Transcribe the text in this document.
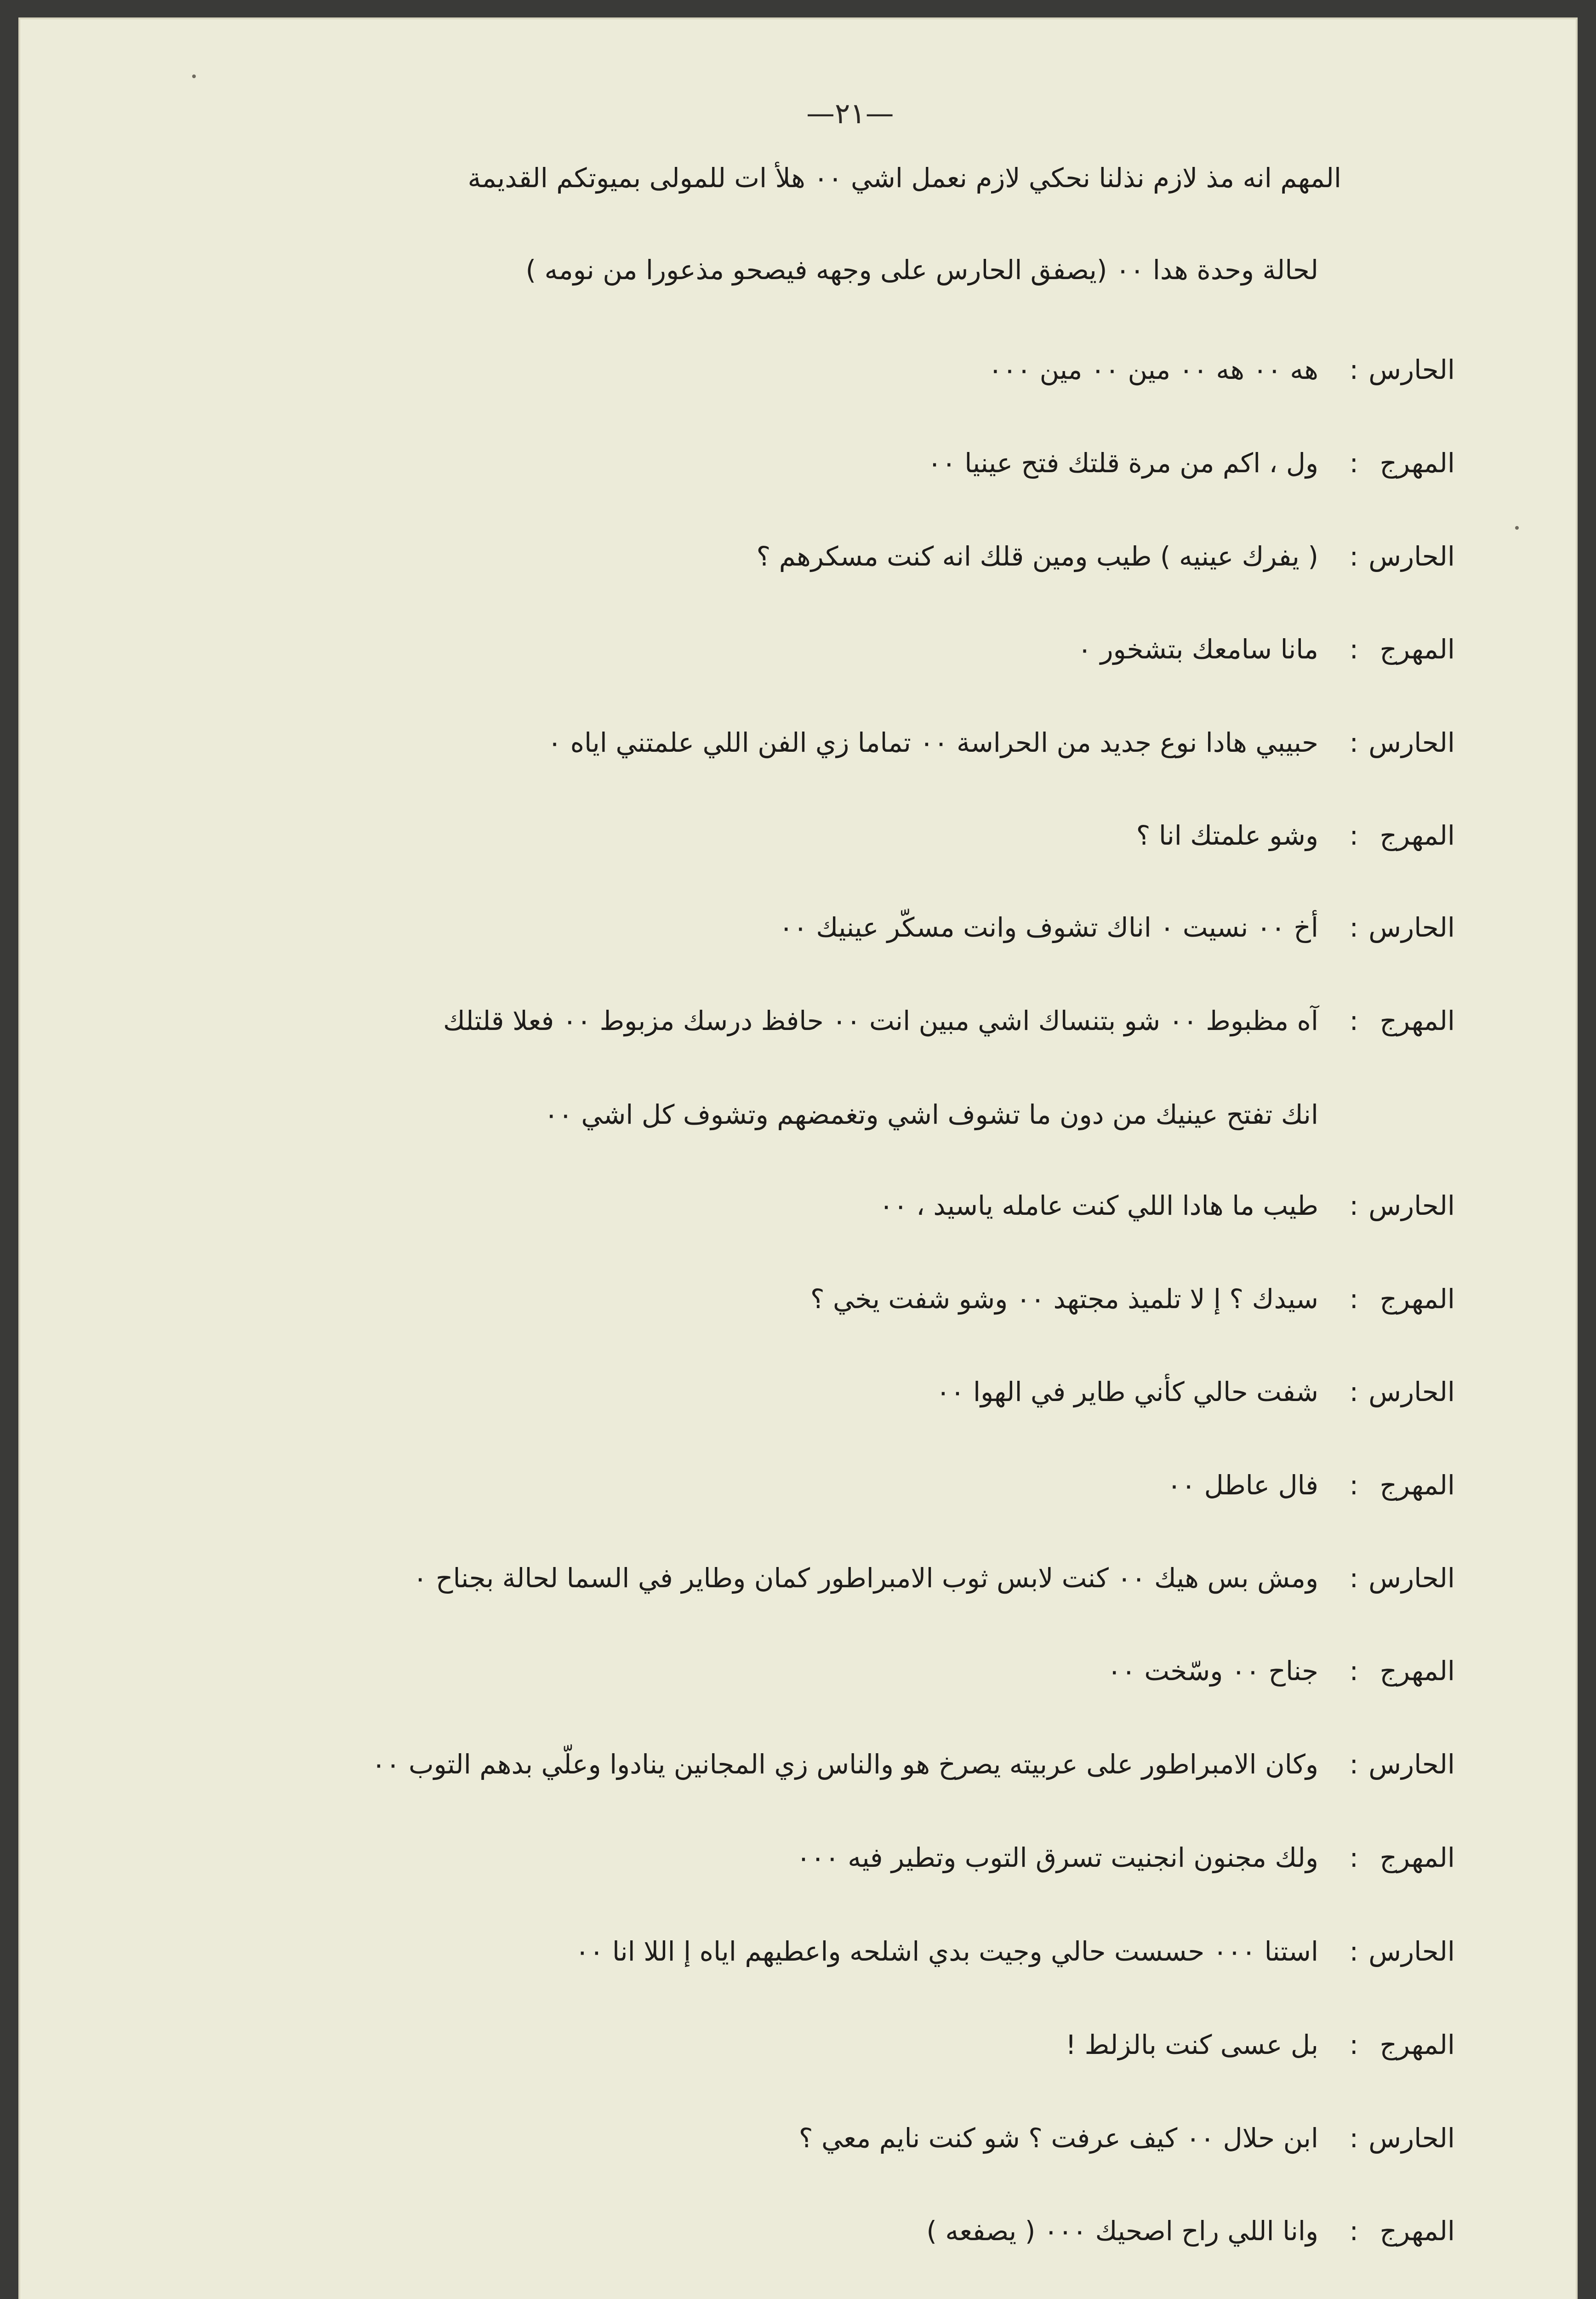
—٢١—
المهم انه مذ لازم نذلنا نحكي لازم نعمل اشي ٠٠ هلأ ات للمولى بميوتكم القديمة
لحالة وحدة هدا ٠٠ (يصفق الحارس على وجهه فيصحو مذعورا من نومه )
الحارس
:
هه ٠٠ هه ٠٠ مين ٠٠ مين ٠٠٠
المهرج
:
ول ، اكم من مرة قلتك فتح عينيا ٠٠
الحارس
:
( يفرك عينيه ) طيب ومين قلك انه كنت مسكرهم ؟
المهرج
:
مانا سامعك بتشخور ٠
الحارس
:
حبيبي هادا نوع جديد من الحراسة ٠٠ تماما زي الفن اللي علمتني اياه ٠
المهرج
:
وشو علمتك انا ؟
الحارس
:
أخ ٠٠ نسيت ٠ اناك تشوف وانت مسكّر عينيك ٠٠
المهرج
:
آه مظبوط ٠٠ شو بتنساك اشي مبين انت ٠٠ حافظ درسك مزبوط ٠٠ فعلا قلتلك
انك تفتح عينيك من دون ما تشوف اشي وتغمضهم وتشوف كل اشي ٠٠
الحارس
:
طيب ما هادا اللي كنت عامله ياسيد ، ٠٠
المهرج
:
سيدك ؟ إ لا تلميذ مجتهد ٠٠ وشو شفت يخي ؟
الحارس
:
شفت حالي كأني طاير في الهوا ٠٠
المهرج
:
فال عاطل ٠٠
الحارس
:
ومش بس هيك ٠٠ كنت لابس ثوب الامبراطور كمان وطاير في السما لحالة بجناح ٠
المهرج
:
جناح ٠٠ وسّخت ٠٠
الحارس
:
وكان الامبراطور على عربيته يصرخ هو والناس زي المجانين ينادوا وعلّي بدهم التوب ٠٠
المهرج
:
ولك مجنون انجنيت تسرق التوب وتطير فيه ٠٠٠
الحارس
:
استنا ٠٠٠ حسست حالي وجيت بدي اشلحه واعطيهم اياه إ اللا انا ٠٠
المهرج
:
بل عسى كنت بالزلط !
الحارس
:
ابن حلال ٠٠ كيف عرفت ؟ شو كنت نايم معي ؟
المهرج
:
وانا اللي راح اصحيك ٠٠٠ ( يصفعه )
